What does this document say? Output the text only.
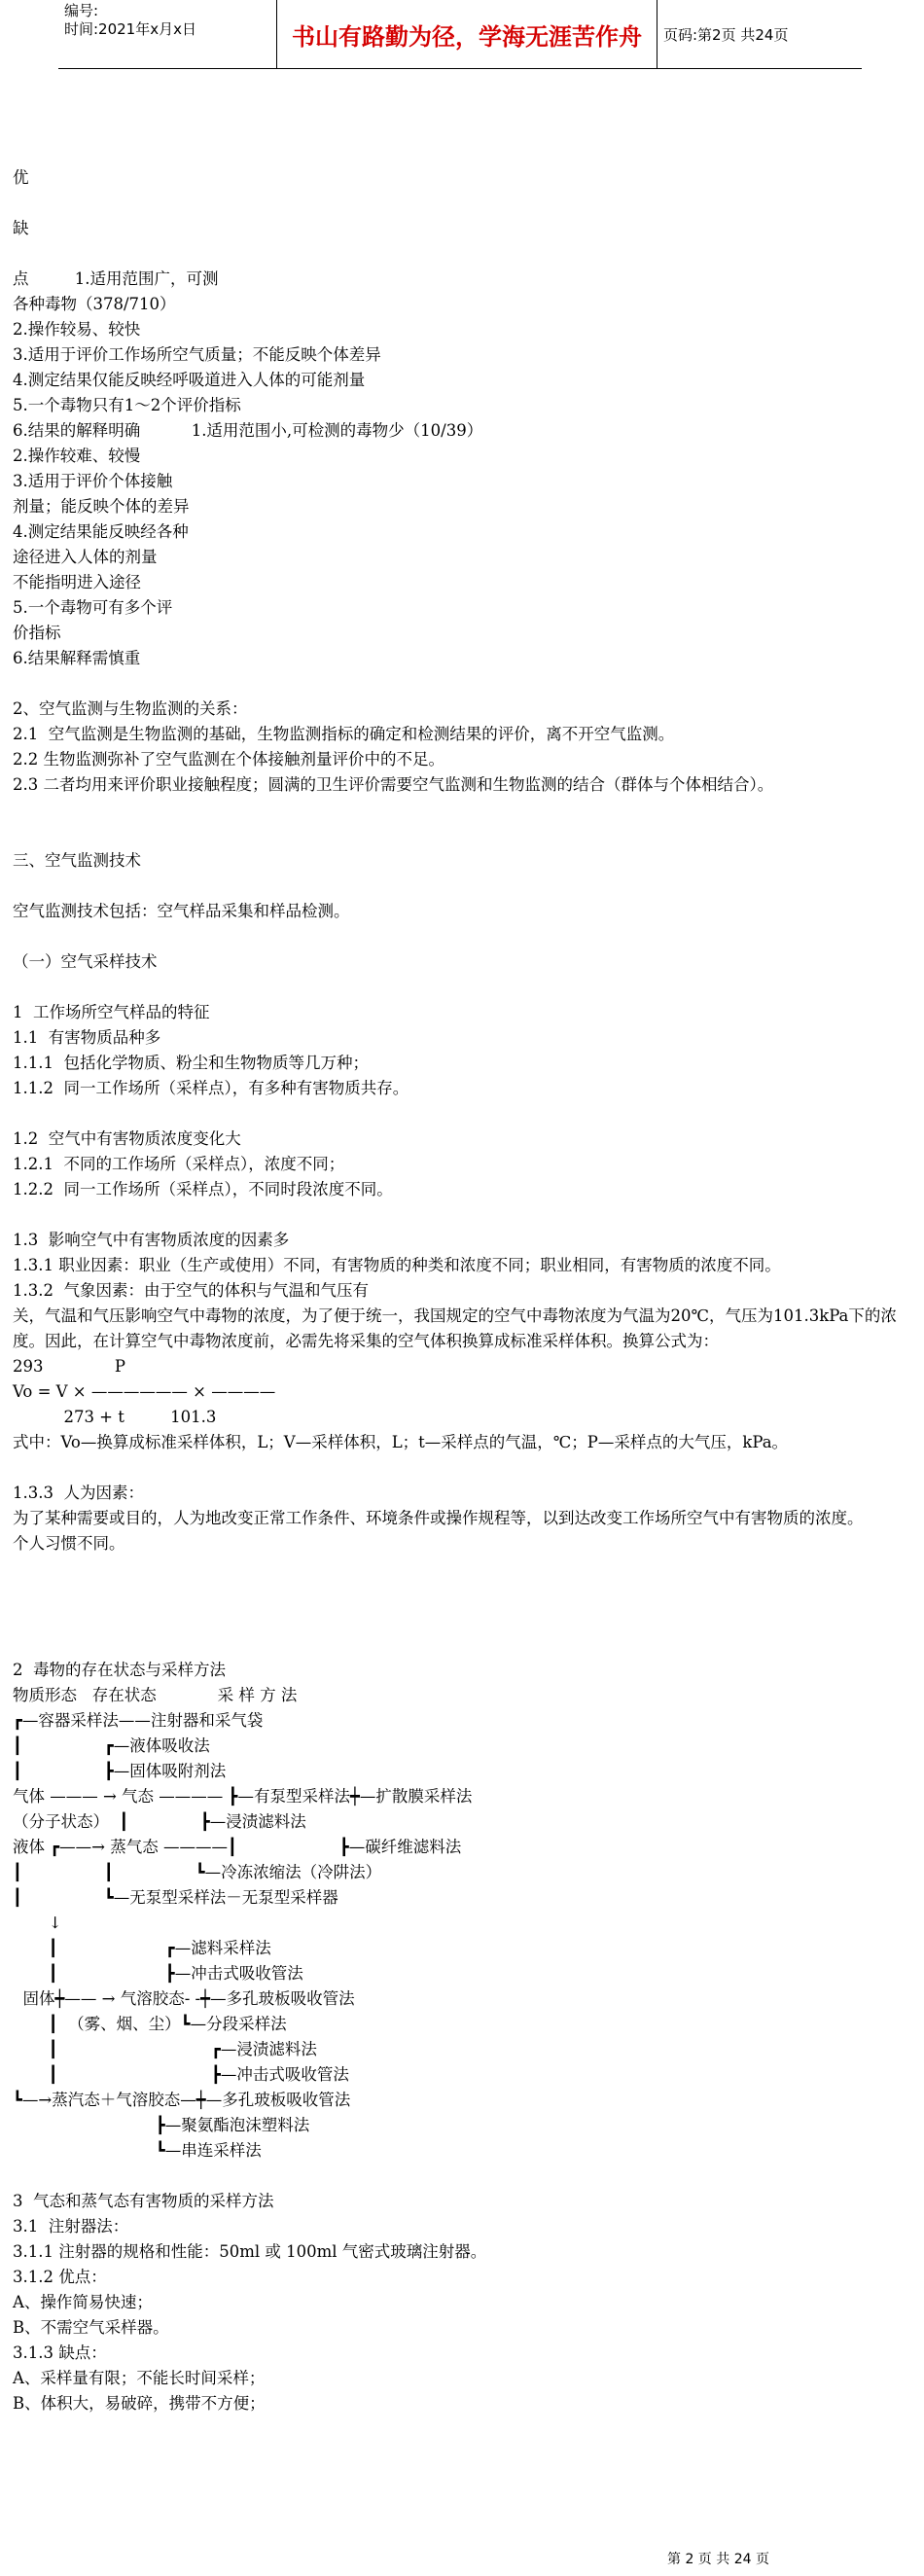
编号:
时间:2021年x月x日	书山有路勤为径，学海无涯苦作舟	页码:第2页 共24页
优
缺
点         1.适用范围广，可测
各种毒物（378/710）
2.操作较易、较快
3.适用于评价工作场所空气质量；不能反映个体差异
4.测定结果仅能反映经呼吸道进入人体的可能剂量
5.一个毒物只有1～2个评价指标
6.结果的解释明确          1.适用范围小,可检测的毒物少（10/39）
2.操作较难、较慢
3.适用于评价个体接触
剂量；能反映个体的差异
4.测定结果能反映经各种
途径进入人体的剂量
不能指明进入途径
5.一个毒物可有多个评
价指标
6.结果解释需慎重
2、空气监测与生物监测的关系：
2.1  空气监测是生物监测的基础，生物监测指标的确定和检测结果的评价，离不开空气监测。
2.2 生物监测弥补了空气监测在个体接触剂量评价中的不足。
2.3 二者均用来评价职业接触程度；圆满的卫生评价需要空气监测和生物监测的结合（群体与个体相结合）。
三、空气监测技术
空气监测技术包括：空气样品采集和样品检测。
（一）空气采样技术
1  工作场所空气样品的特征
1.1  有害物质品种多
1.1.1  包括化学物质、粉尘和生物物质等几万种；
1.1.2  同一工作场所（采样点），有多种有害物质共存。
1.2  空气中有害物质浓度变化大
1.2.1  不同的工作场所（采样点），浓度不同；
1.2.2  同一工作场所（采样点），不同时段浓度不同。
1.3  影响空气中有害物质浓度的因素多
1.3.1 职业因素：职业（生产或使用）不同，有害物质的种类和浓度不同；职业相同，有害物质的浓度不同。
1.3.2  气象因素：由于空气的体积与气温和气压有
关，气温和气压影响空气中毒物的浓度，为了便于统一，我国规定的空气中毒物浓度为气温为20℃，气压为101.3kPa下的浓度。因此，在计算空气中毒物浓度前，必需先将采集的空气体积换算成标准采样体积。换算公式为：
293              P
Vo = V × —————— × ————
273 + t         101.3
式中：Vo—换算成标准采样体积，L；V—采样体积，L；t—采样点的气温，℃；P—采样点的大气压，kPa。
1.3.3  人为因素：
为了某种需要或目的，人为地改变正常工作条件、环境条件或操作规程等，以到达改变工作场所空气中有害物质的浓度。
个人习惯不同。
2  毒物的存在状态与采样方法
物质形态   存在状态            采 样 方 法
┏—容器采样法——注射器和采气袋
┃                ┏—液体吸收法
┃                ┣—固体吸附剂法
气体 ——— → 气态 ———— ┣—有泵型采样法┿—扩散膜采样法
（分子状态）  ┃              ┣—浸渍滤料法
液体 ┏——→ 蒸气态 ————┃                    ┣—碳纤维滤料法
┃                ┃                ┗—冷冻浓缩法（冷阱法）
┃                ┗—无泵型采样法－无泵型采样器
↓
┃                     ┏—滤料采样法
┃                     ┣—冲击式吸收管法
固体┿—— → 气溶胶态- -┿—多孔玻板吸收管法
┃  （雾、烟、尘）┗—分段采样法
┃                              ┏—浸渍滤料法
┃                              ┣—冲击式吸收管法
┗—→蒸汽态＋气溶胶态—┿—多孔玻板吸收管法
┣—聚氨酯泡沫塑料法
┗—串连采样法
3  气态和蒸气态有害物质的采样方法
3.1  注射器法：
3.1.1 注射器的规格和性能：50ml 或 100ml 气密式玻璃注射器。
3.1.2 优点：
A、操作简易快速；
B、不需空气采样器。
3.1.3 缺点：
A、采样量有限；不能长时间采样；
B、体积大，易破碎，携带不方便；
第 2 页 共 24 页
